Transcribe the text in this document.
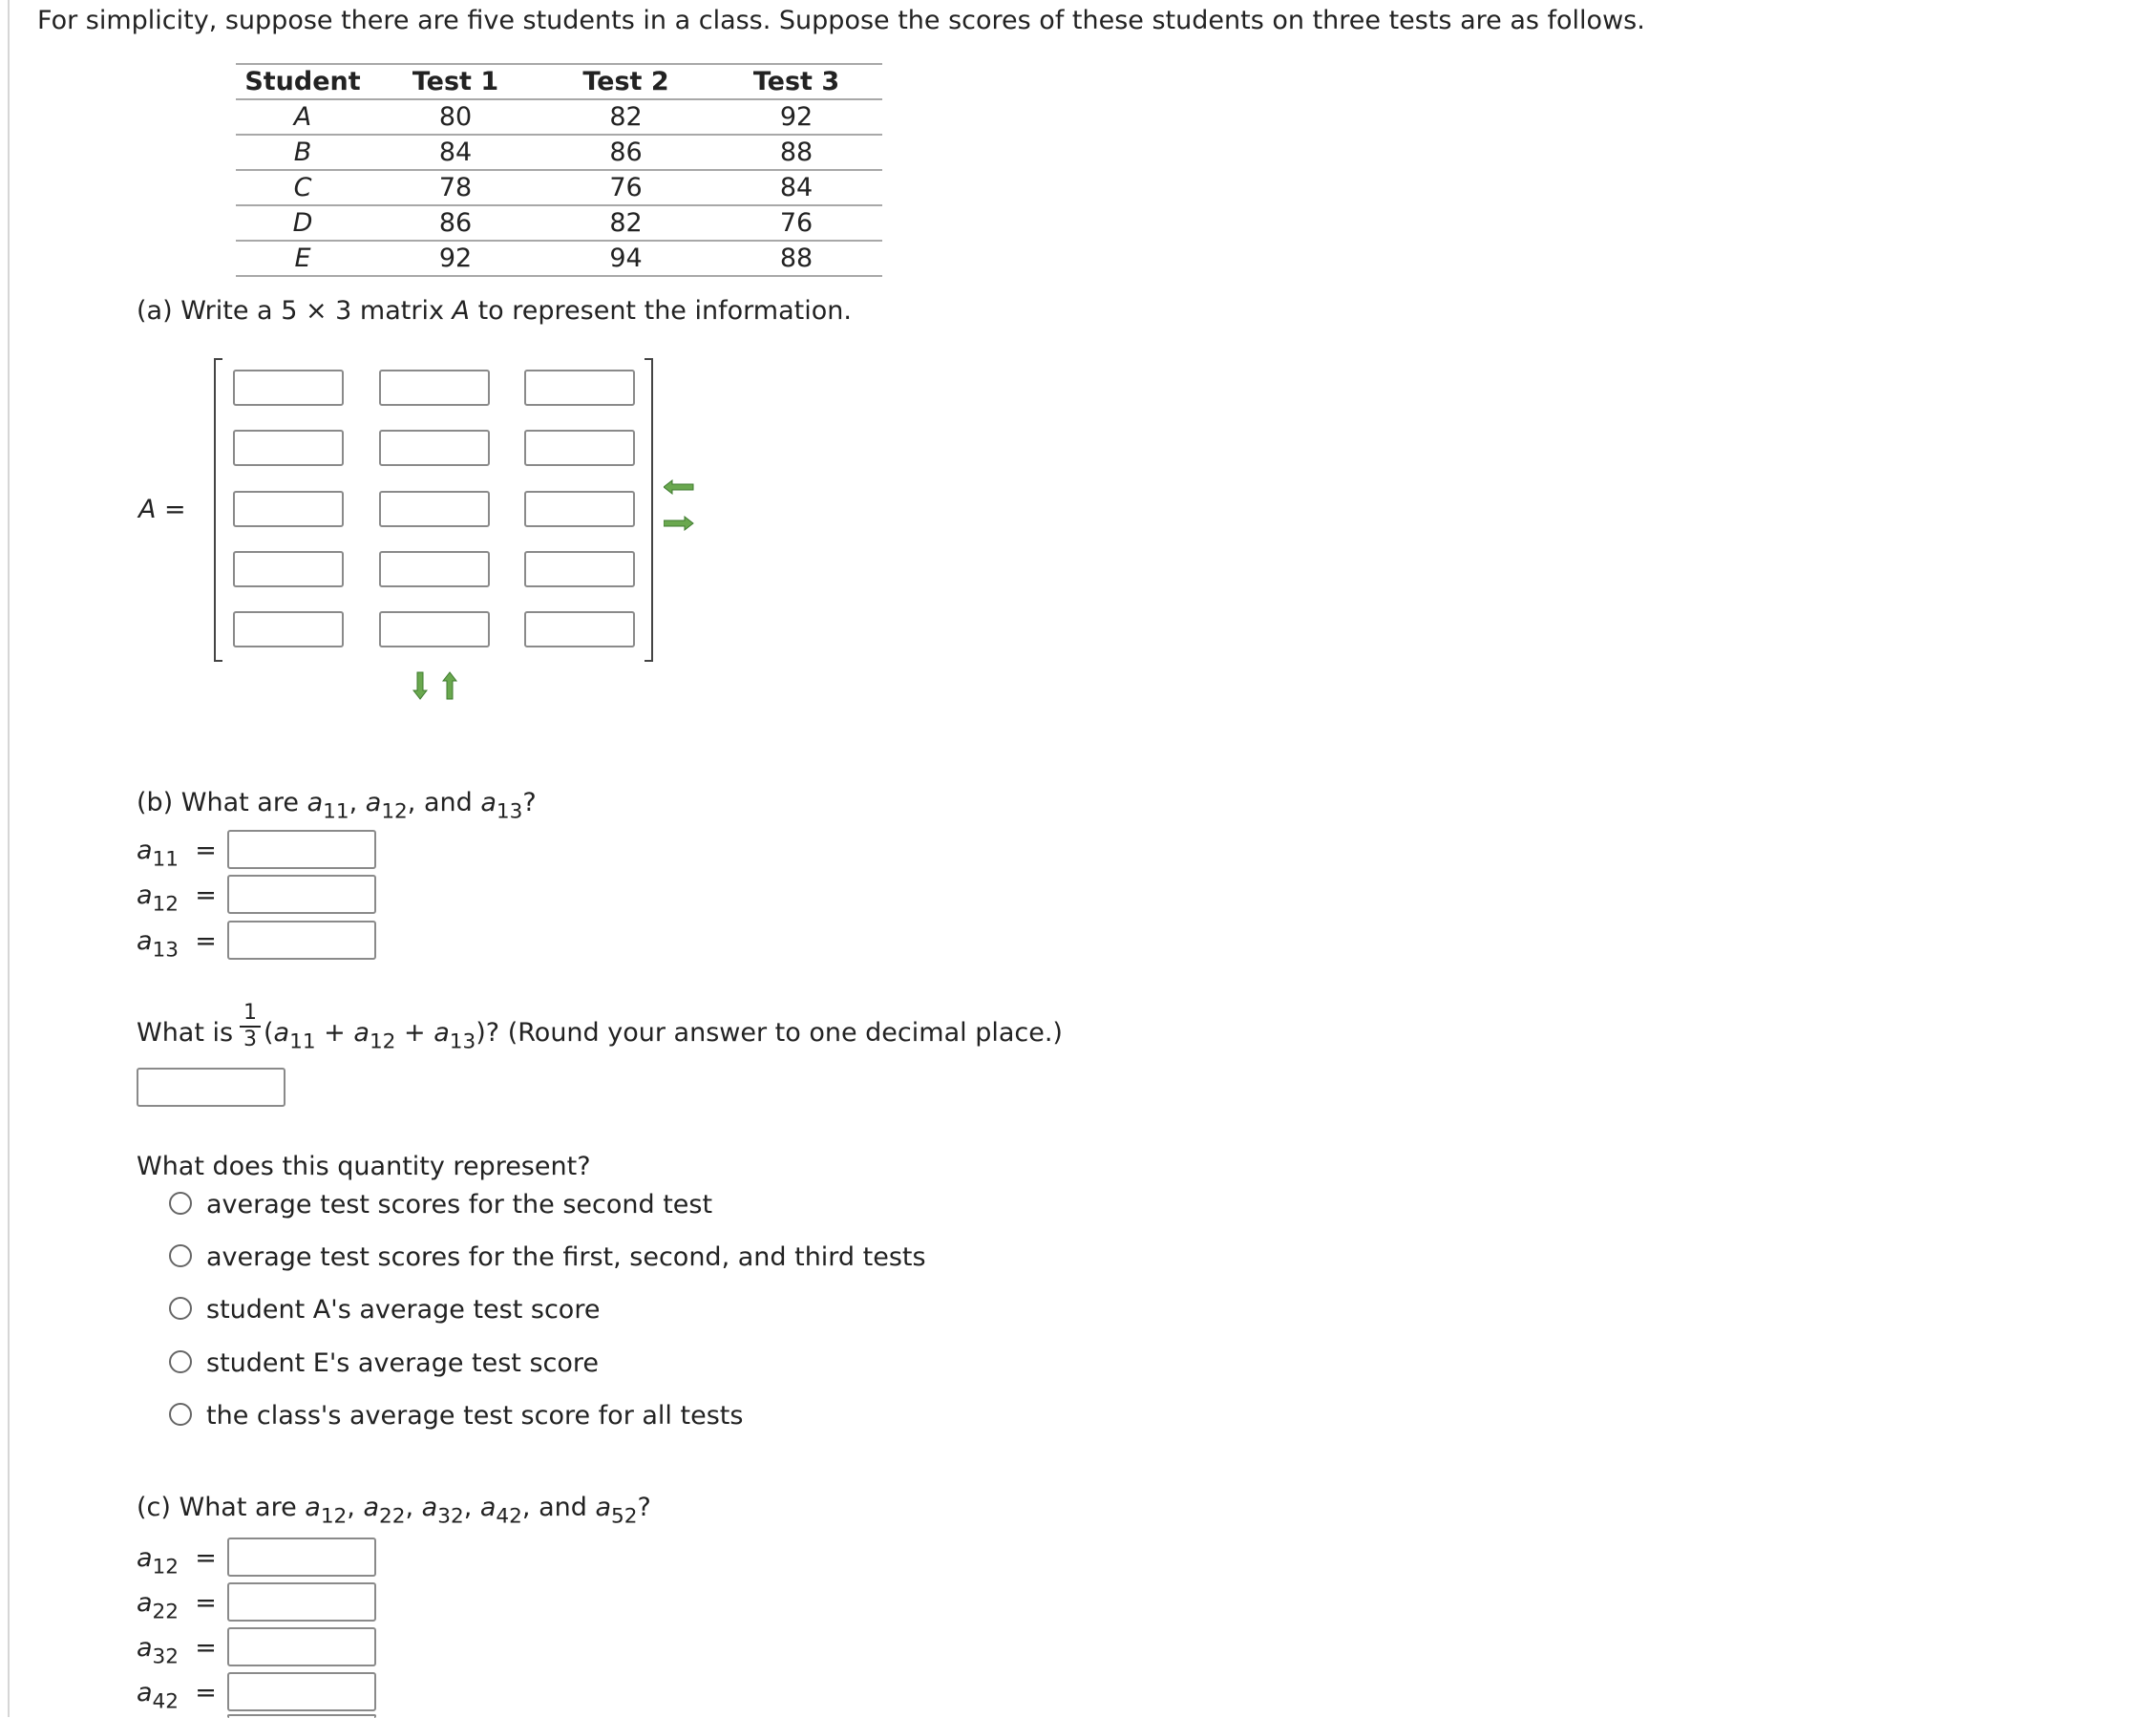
For simplicity, suppose there are five students in a class. Suppose the scores of these students on three tests are as follows.
Student	Test 1	Test 2	Test 3
A	80	82	92
B	84	86	88
C	78	76	84
D	86	82	76
E	92	94	88
(a) Write a 5 × 3 matrix A to represent the information.
A =
(b) What are $a_{11}$, $a_{12}$, and $a_{13}$?
$a_{11}$ =
$a_{12}$ =
$a_{13}$ =
What is
1
3 $(a_{11} + a_{12} + a_{13})$? (Round your answer to one decimal place.)
What does this quantity represent?
average test scores for the second test
average test scores for the first, second, and third tests
student A's average test score
student E's average test score
the class's average test score for all tests
(c) What are $a_{12}$, $a_{22}$, $a_{32}$, $a_{42}$, and $a_{52}$?
$a_{12}$ =
$a_{22}$ =
$a_{32}$ =
$a_{42}$ =
